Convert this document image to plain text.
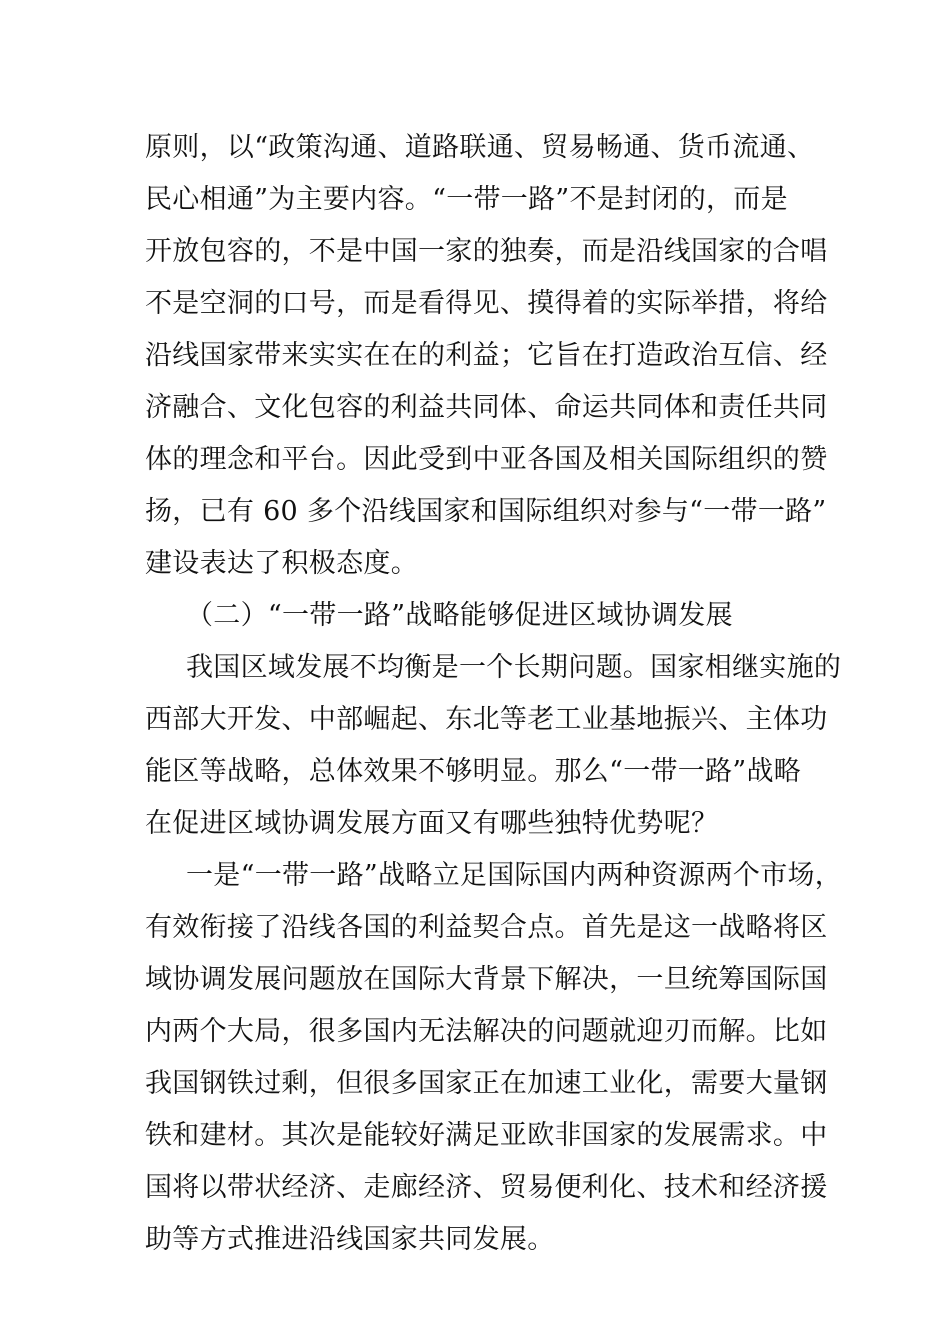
原则，以“政策沟通、道路联通、贸易畅通、货币流通、
民心相通”为主要内容。“一带一路”不是封闭的，而是
开放包容的，不是中国一家的独奏，而是沿线国家的合唱
不是空洞的口号，而是看得见、摸得着的实际举措，将给
沿线国家带来实实在在的利益；它旨在打造政治互信、经
济融合、文化包容的利益共同体、命运共同体和责任共同
体的理念和平台。因此受到中亚各国及相关国际组织的赞
扬，已有 60 多个沿线国家和国际组织对参与“一带一路”
建设表达了积极态度。
（二）“一带一路”战略能够促进区域协调发展
我国区域发展不均衡是一个长期问题。国家相继实施的
西部大开发、中部崛起、东北等老工业基地振兴、主体功
能区等战略，总体效果不够明显。那么“一带一路”战略
在促进区域协调发展方面又有哪些独特优势呢？
一是“一带一路”战略立足国际国内两种资源两个市场，
有效衔接了沿线各国的利益契合点。首先是这一战略将区
域协调发展问题放在国际大背景下解决，一旦统筹国际国
内两个大局，很多国内无法解决的问题就迎刃而解。比如
我国钢铁过剩，但很多国家正在加速工业化，需要大量钢
铁和建材。其次是能较好满足亚欧非国家的发展需求。中
国将以带状经济、走廊经济、贸易便利化、技术和经济援
助等方式推进沿线国家共同发展。
